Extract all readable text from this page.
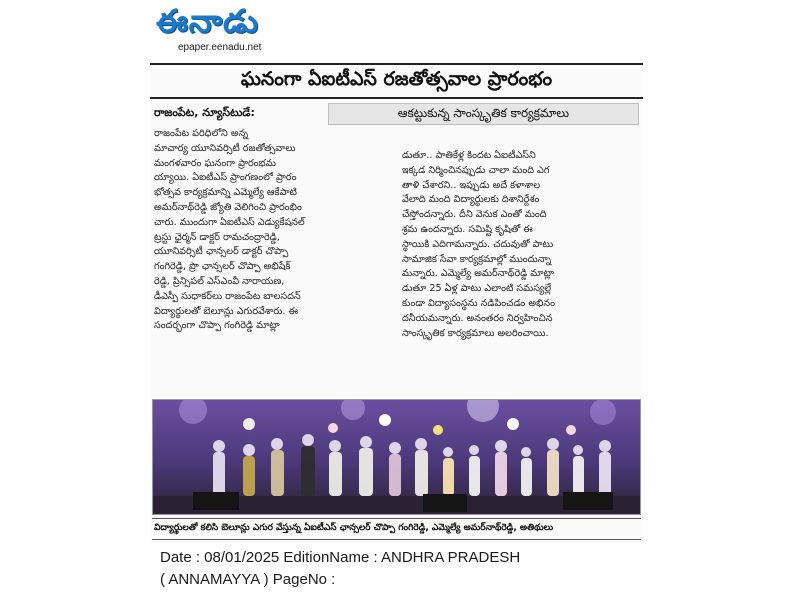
ఈనాడు
epaper.eenadu.net
ఘనంగా ఏఐటీఎస్ రజతోత్సవాల ప్రారంభం
రాజంపేట, న్యూస్‌టుడే:	ఆకట్టుకున్న సాంస్కృతిక కార్యక్రమాలు
రాజంపేట పరిధిలోని అన్న
మాచార్య యూనివర్సిటీ రజతోత్సవాలు
మంగళవారం ఘనంగా ప్రారంభమ
య్యాయి. ఏఐటీఎస్ ప్రాంగణంలో ప్రారం
భోత్సవ కార్యక్రమాన్ని ఎమ్మెల్యే ఆకేపాటి
అమర్‌నాథ్‌రెడ్డి జ్యోతి వెలిగించి ప్రారంభిం
చారు. ముందుగా ఏఐటీఎస్ ఎడ్యుకేషనల్
ట్రస్టు ఛైర్మన్ డాక్టర్ రామచంద్రారెడ్డి,
యూనివర్సిటీ ఛాన్సలర్ డాక్టర్ చొప్పా
గంగిరెడ్డి, ప్రొ ఛాన్సలర్ చొప్పా అభిషేక్
రెడ్డి, ప్రిన్సిపల్ ఎస్ఎంవీ నారాయణ,
డీఎస్పీ సుధాకర్‌లు రాజంపేట బాలసదన్
విద్యార్థులతో బెలూన్లు ఎగురవేశారు. ఈ
సందర్భంగా చొప్పా గంగిరెడ్డి మాట్లా
డుతూ.. పాతికేళ్ల కిందట ఏఐటీఎస్‌ని
ఇక్కడ నిర్మించినప్పుడు చాలా మంది ఎగ
తాళి చేశారని.. ఇప్పుడు అదే కళాశాల
వేలాది మంది విద్యార్థులకు దిశానిర్దేశం
చేస్తోందన్నారు. దీని వెనుక ఎంతో మంది
శ్రమ ఉందన్నారు. సమిష్టి కృషితో ఈ
స్థాయికి ఎదిగామన్నారు. చదువుతో పాటు
సామాజిక సేవా కార్యక్రమాల్లో ముందున్నా
మన్నారు. ఎమ్మెల్యే అమర్‌నాథ్‌రెడ్డి మాట్లా
డుతూ 25 ఏళ్ల పాటు ఎలాంటి సమస్యల్లే
కుండా విద్యాసంస్థను నడిపించడం అభినం
దనీయమన్నారు. అనంతరం నిర్వహించిన
సాంస్కృతిక కార్యక్రమాలు అలరించాయి.
విద్యార్థులతో కలిసి బెలూన్లు ఎగుర వేస్తున్న ఏఐటీఎస్ ఛాన్సలర్ చొప్పా గంగిరెడ్డి, ఎమ్మెల్యే అమర్‌నాథ్‌రెడ్డి, అతిథులు
Date : 08/01/2025 EditionName : ANDHRA PRADESH
( ANNAMAYYA ) PageNo :
